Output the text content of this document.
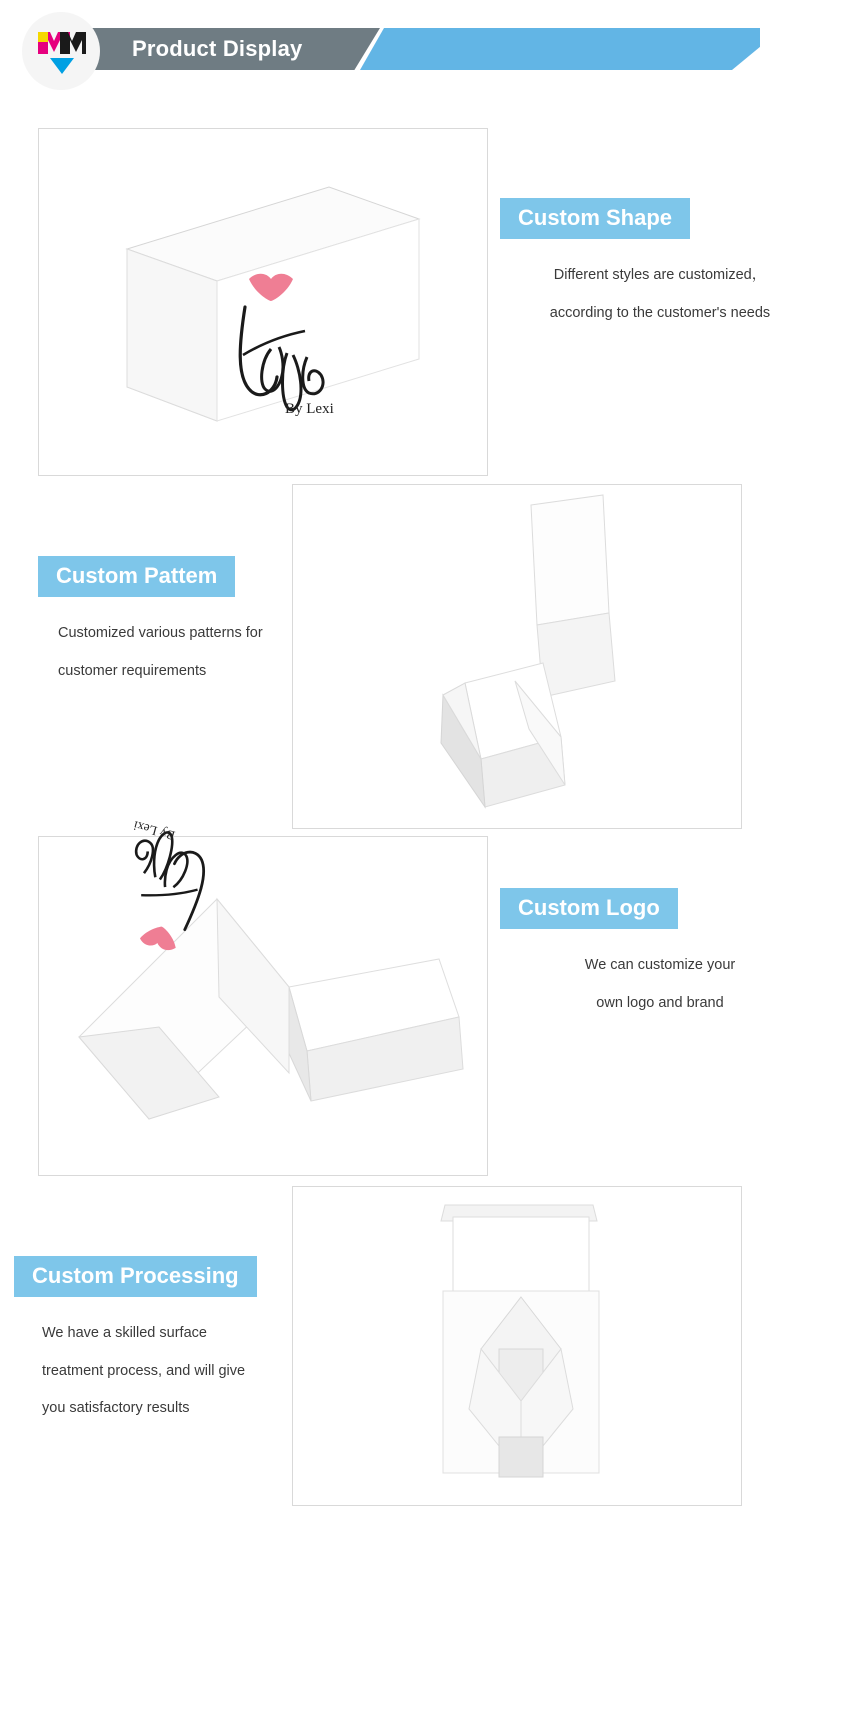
Product Display
By Lexi
Custom Shape
Different styles are customized，
according to the customer's needs
Custom Pattem
Customized various patterns for
customer requirements
By Lexi
Custom Logo
We can customize your
own logo and brand
Custom Processing
We have a skilled surface
treatment process, and will give
you satisfactory results
